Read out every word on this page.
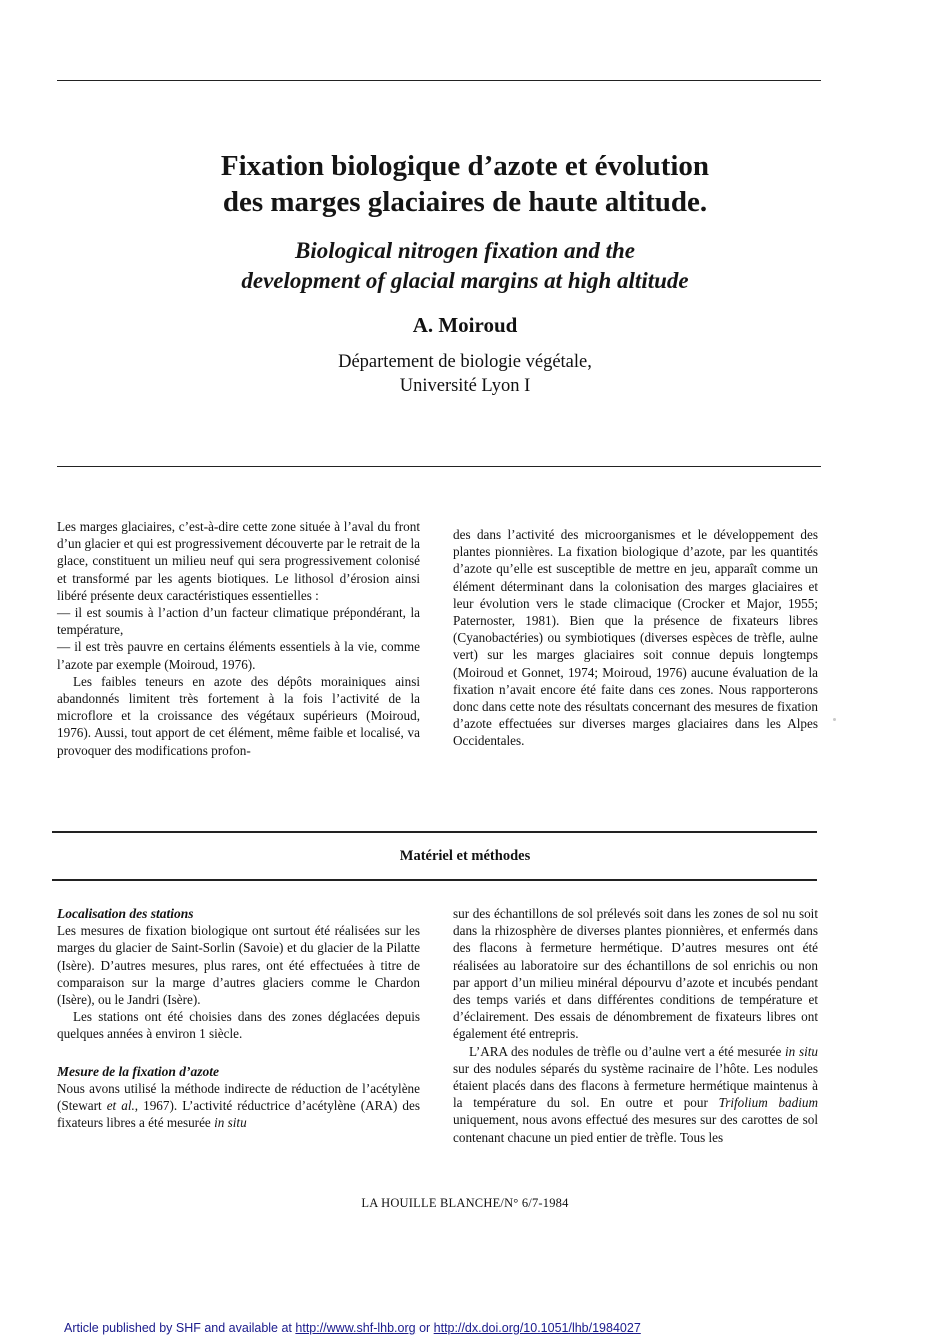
Fixation biologique d’azote et évolution
des marges glaciaires de haute altitude.
Biological nitrogen fixation and the
development of glacial margins at high altitude
A. Moiroud
Département de biologie végétale,
Université Lyon I

Les marges glaciaires, c’est-à-dire cette zone située à l’aval du front d’un glacier et qui est progressivement découverte par le retrait de la glace, constituent un milieu neuf qui sera progressivement colonisé et transformé par les agents biotiques. Le lithosol d’érosion ainsi libéré présente deux caractéristiques essentielles :

— il est soumis à l’action d’un facteur climatique prépondérant, la température,

— il est très pauvre en certains éléments essentiels à la vie, comme l’azote par exemple (Moiroud, 1976).

Les faibles teneurs en azote des dépôts morainiques ainsi abandonnés limitent très fortement à la fois l’activité de la microflore et la croissance des végétaux supérieurs (Moiroud, 1976). Aussi, tout apport de cet élément, même faible et localisé, va provoquer des modifications profon-

des dans l’activité des microorganismes et le développement des plantes pionnières. La fixation biologique d’azote, par les quantités d’azote qu’elle est susceptible de mettre en jeu, apparaît comme un élément déterminant dans la colonisation des marges glaciaires et leur évolution vers le stade climacique (Crocker et Major, 1955; Paternoster, 1981). Bien que la présence de fixateurs libres (Cyanobactéries) ou symbiotiques (diverses espèces de trèfle, aulne vert) sur les marges glaciaires soit connue depuis longtemps (Moiroud et Gonnet, 1974; Moiroud, 1976) aucune évaluation de la fixation n’avait encore été faite dans ces zones. Nous rapporterons donc dans cette note des résultats concernant des mesures de fixation d’azote effectuées sur diverses marges glaciaires dans les Alpes Occidentales.

Matériel et méthodes

Localisation des stations

Les mesures de fixation biologique ont surtout été réalisées sur les marges du glacier de Saint-Sorlin (Savoie) et du glacier de la Pilatte (Isère). D’autres mesures, plus rares, ont été effectuées à titre de comparaison sur la marge d’autres glaciers comme le Chardon (Isère), ou le Jandri (Isère).

Les stations ont été choisies dans des zones déglacées depuis quelques années à environ 1 siècle.

Mesure de la fixation d’azote

Nous avons utilisé la méthode indirecte de réduction de l’acétylène (Stewart et al., 1967). L’activité réductrice d’acétylène (ARA) des fixateurs libres a été mesurée in situ

sur des échantillons de sol prélevés soit dans les zones de sol nu soit dans la rhizosphère de diverses plantes pionnières, et enfermés dans des flacons à fermeture hermétique. D’autres mesures ont été réalisées au laboratoire sur des échantillons de sol enrichis ou non par apport d’un milieu minéral dépourvu d’azote et incubés pendant des temps variés et dans différentes conditions de température et d’éclairement. Des essais de dénombrement de fixateurs libres ont également été entrepris.

L’ARA des nodules de trèfle ou d’aulne vert a été mesurée in situ sur des nodules séparés du système racinaire de l’hôte. Les nodules étaient placés dans des flacons à fermeture hermétique maintenus à la température du sol. En outre et pour Trifolium badium uniquement, nous avons effectué des mesures sur des carottes de sol contenant chacune un pied entier de trèfle. Tous les

LA HOUILLE BLANCHE/N° 6/7-1984
Article published by SHF and available at http://www.shf-lhb.org or http://dx.doi.org/10.1051/lhb/1984027
